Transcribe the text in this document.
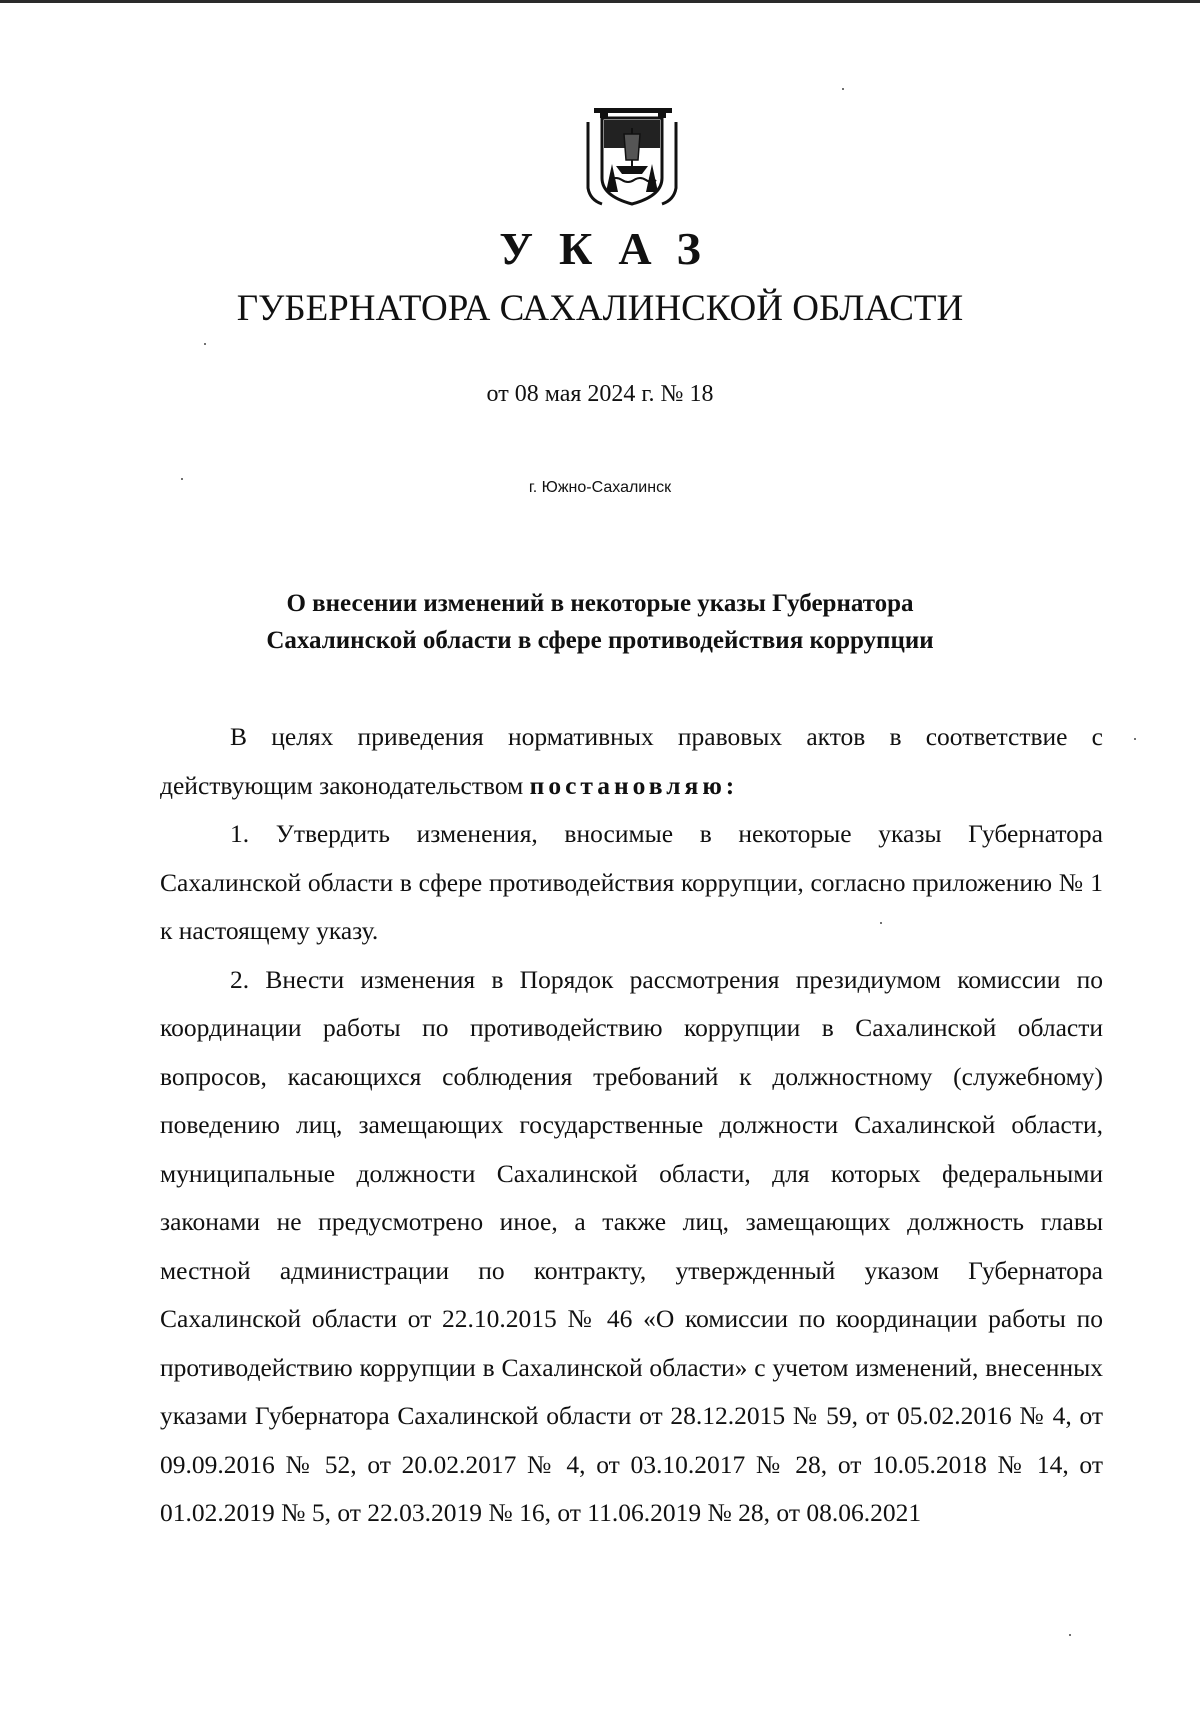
УКАЗ
ГУБЕРНАТОРА САХАЛИНСКОЙ ОБЛАСТИ
от 08 мая 2024 г. № 18
г. Южно-Сахалинск
О внесении изменений в некоторые указы Губернатора
Сахалинской области в сфере противодействия коррупции

В целях приведения нормативных правовых актов в соответствие с действующим законодательством постановляю:

1. Утвердить изменения, вносимые в некоторые указы Губернатора Сахалинской области в сфере противодействия коррупции, согласно приложению № 1 к настоящему указу.

2. Внести изменения в Порядок рассмотрения президиумом комиссии по координации работы по противодействию коррупции в Сахалинской области вопросов, касающихся соблюдения требований к должностному (служебному) поведению лиц, замещающих государственные должности Сахалинской области, муниципальные должности Сахалинской области, для которых федеральными законами не предусмотрено иное, а также лиц, замещающих должность главы местной администрации по контракту, утвержденный указом Губернатора Сахалинской области от 22.10.2015 № 46 «О комиссии по координации работы по противодействию коррупции в Сахалинской области» с учетом изменений, внесенных указами Губернатора Сахалинской области от 28.12.2015 № 59, от 05.02.2016 № 4, от 09.09.2016 № 52, от 20.02.2017 № 4, от 03.10.2017 № 28, от 10.05.2018 № 14, от 01.02.2019 № 5, от 22.03.2019 № 16, от 11.06.2019 № 28, от 08.06.2021
